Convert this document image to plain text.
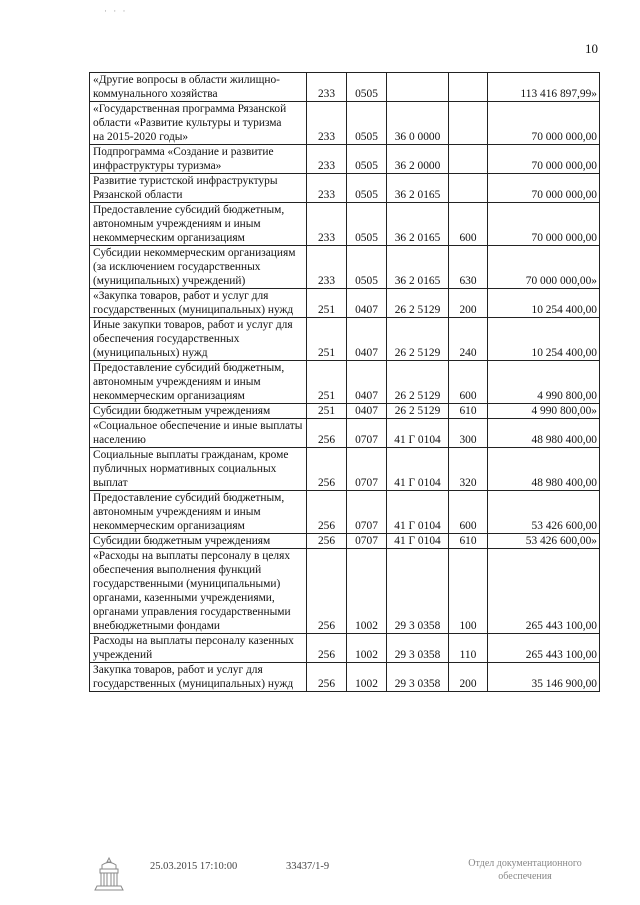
· · ·
10
«Другие вопросы в области жилищно-коммунального хозяйства	233	0505			113 416 897,99»
«Государственная программа Рязанской области «Развитие культуры и туризма
на 2015-2020 годы»	233	0505	36 0 0000		70 000 000,00
Подпрограмма «Создание и развитие инфраструктуры туризма»	233	0505	36 2 0000		70 000 000,00
Развитие туристской инфраструктуры Рязанской области	233	0505	36 2 0165		70 000 000,00
Предоставление субсидий бюджетным, автономным учреждениям и иным некоммерческим организациям	233	0505	36 2 0165	600	70 000 000,00
Субсидии некоммерческим организациям (за исключением государственных (муниципальных) учреждений)	233	0505	36 2 0165	630	70 000 000,00»
«Закупка товаров, работ и услуг для государственных (муниципальных) нужд	251	0407	26 2 5129	200	10 254 400,00
Иные закупки товаров, работ и услуг для обеспечения государственных (муниципальных) нужд	251	0407	26 2 5129	240	10 254 400,00
Предоставление субсидий бюджетным, автономным учреждениям и иным некоммерческим организациям	251	0407	26 2 5129	600	4 990 800,00
Субсидии бюджетным учреждениям	251	0407	26 2 5129	610	4 990 800,00»
«Социальное обеспечение и иные выплаты населению	256	0707	41 Г 0104	300	48 980 400,00
Социальные выплаты гражданам, кроме публичных нормативных социальных выплат	256	0707	41 Г 0104	320	48 980 400,00
Предоставление субсидий бюджетным, автономным учреждениям и иным некоммерческим организациям	256	0707	41 Г 0104	600	53 426 600,00
Субсидии бюджетным учреждениям	256	0707	41 Г 0104	610	53 426 600,00»
«Расходы на выплаты персоналу в целях обеспечения выполнения функций государственными (муниципальными) органами, казенными учреждениями, органами управления государственными внебюджетными фондами	256	1002	29 3 0358	100	265 443 100,00
Расходы на выплаты персоналу казенных учреждений	256	1002	29 3 0358	110	265 443 100,00
Закупка товаров, работ и услуг для государственных (муниципальных) нужд	256	1002	29 3 0358	200	35 146 900,00
25.03.2015 17:10:00	33437/1-9	Отдел документационного
обеспечения
